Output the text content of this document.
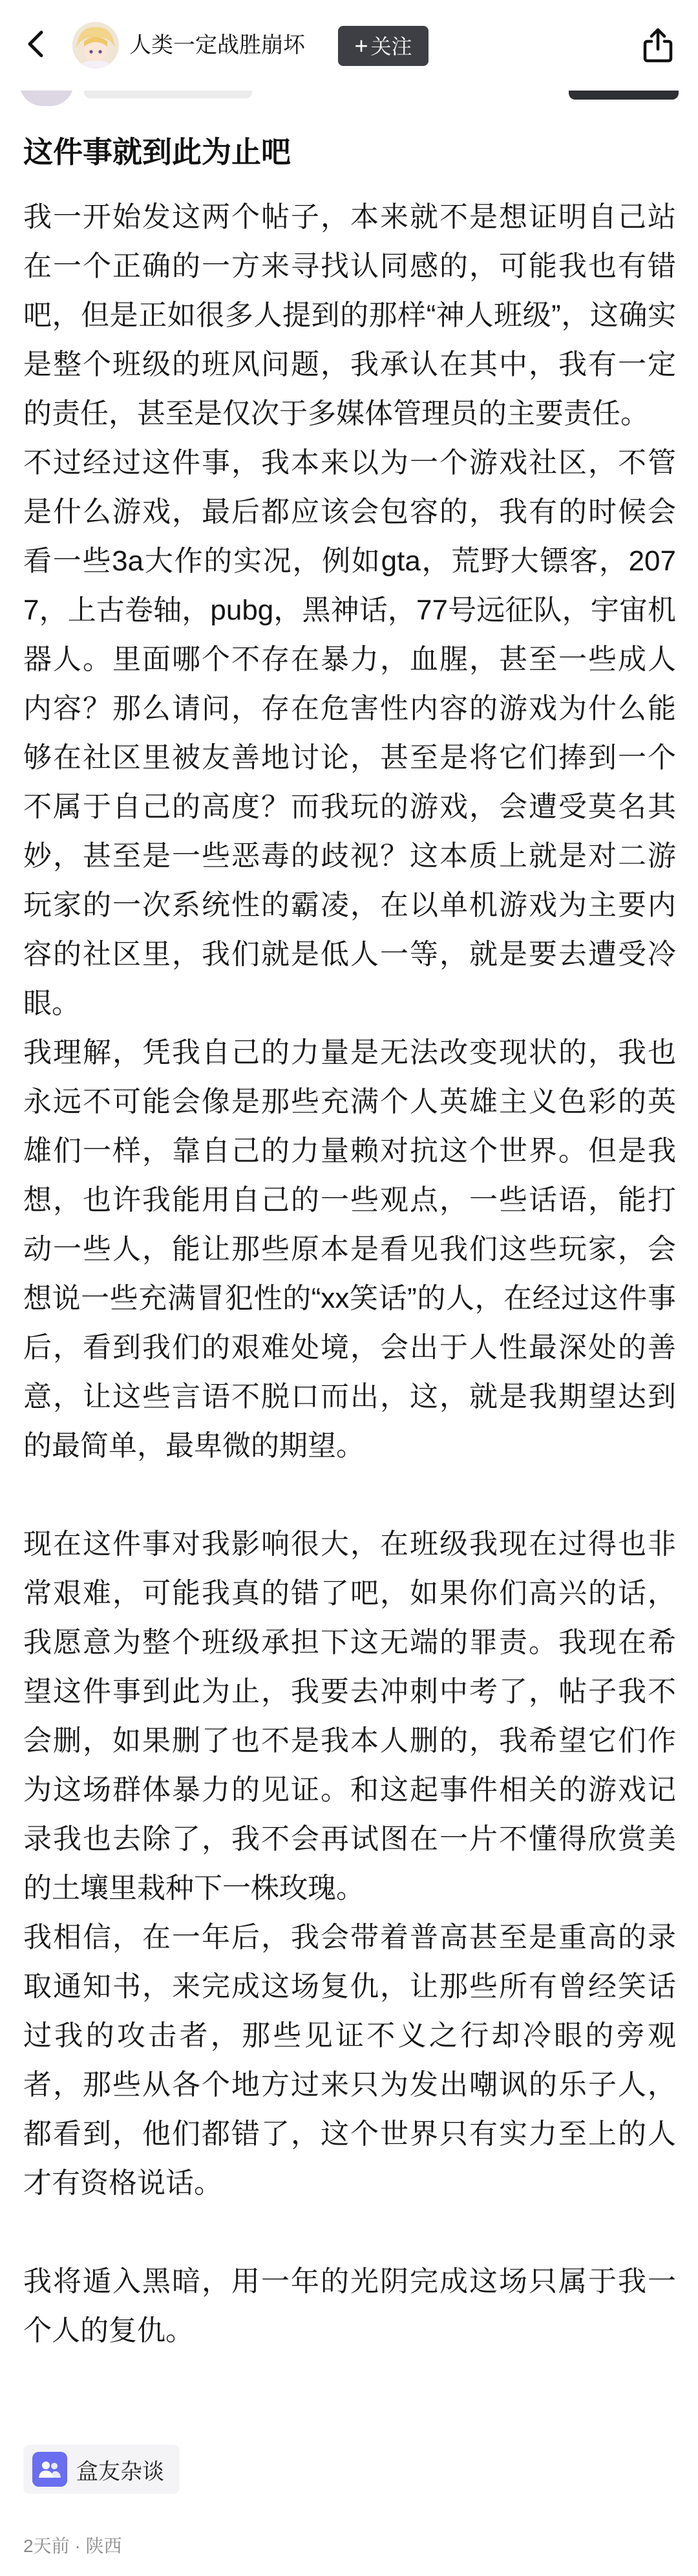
人类一定战胜崩坏	+ 关注
这件事就到此为止吧

我一开始发这两个帖子，本来就不是想证明自己站在一个正确的一方来寻找认同感的，可能我也有错吧，但是正如很多人提到的那样“神人班级”，这确实是整个班级的班风问题，我承认在其中，我有一定的责任，甚至是仅次于多媒体管理员的主要责任。

不过经过这件事，我本来以为一个游戏社区，不管是什么游戏，最后都应该会包容的，我有的时候会看一些3a大作的实况，例如gta，荒野大镖客，2077，上古卷轴，pubg，黑神话，77号远征队，宇宙机器人。里面哪个不存在暴力，血腥，甚至一些成人内容？那么请问，存在危害性内容的游戏为什么能够在社区里被友善地讨论，甚至是将它们捧到一个不属于自己的高度？而我玩的游戏，会遭受莫名其妙，甚至是一些恶毒的歧视？这本质上就是对二游玩家的一次系统性的霸凌，在以单机游戏为主要内容的社区里，我们就是低人一等，就是要去遭受冷眼。

我理解，凭我自己的力量是无法改变现状的，我也永远不可能会像是那些充满个人英雄主义色彩的英雄们一样，靠自己的力量赖对抗这个世界。但是我想，也许我能用自己的一些观点，一些话语，能打动一些人，能让那些原本是看见我们这些玩家，会想说一些充满冒犯性的“xx笑话”的人，在经过这件事后，看到我们的艰难处境，会出于人性最深处的善意，让这些言语不脱口而出，这，就是我期望达到的最简单，最卑微的期望。

现在这件事对我影响很大，在班级我现在过得也非常艰难，可能我真的错了吧，如果你们高兴的话，我愿意为整个班级承担下这无端的罪责。我现在希望这件事到此为止，我要去冲刺中考了，帖子我不会删，如果删了也不是我本人删的，我希望它们作为这场群体暴力的见证。和这起事件相关的游戏记录我也去除了，我不会再试图在一片不懂得欣赏美的土壤里栽种下一株玫瑰。

我相信，在一年后，我会带着普高甚至是重高的录取通知书，来完成这场复仇，让那些所有曾经笑话过我的攻击者，那些见证不义之行却冷眼的旁观者，那些从各个地方过来只为发出嘲讽的乐子人，都看到，他们都错了，这个世界只有实力至上的人才有资格说话。

我将遁入黑暗，用一年的光阴完成这场只属于我一个人的复仇。

盒友杂谈
2天前 · 陕西
